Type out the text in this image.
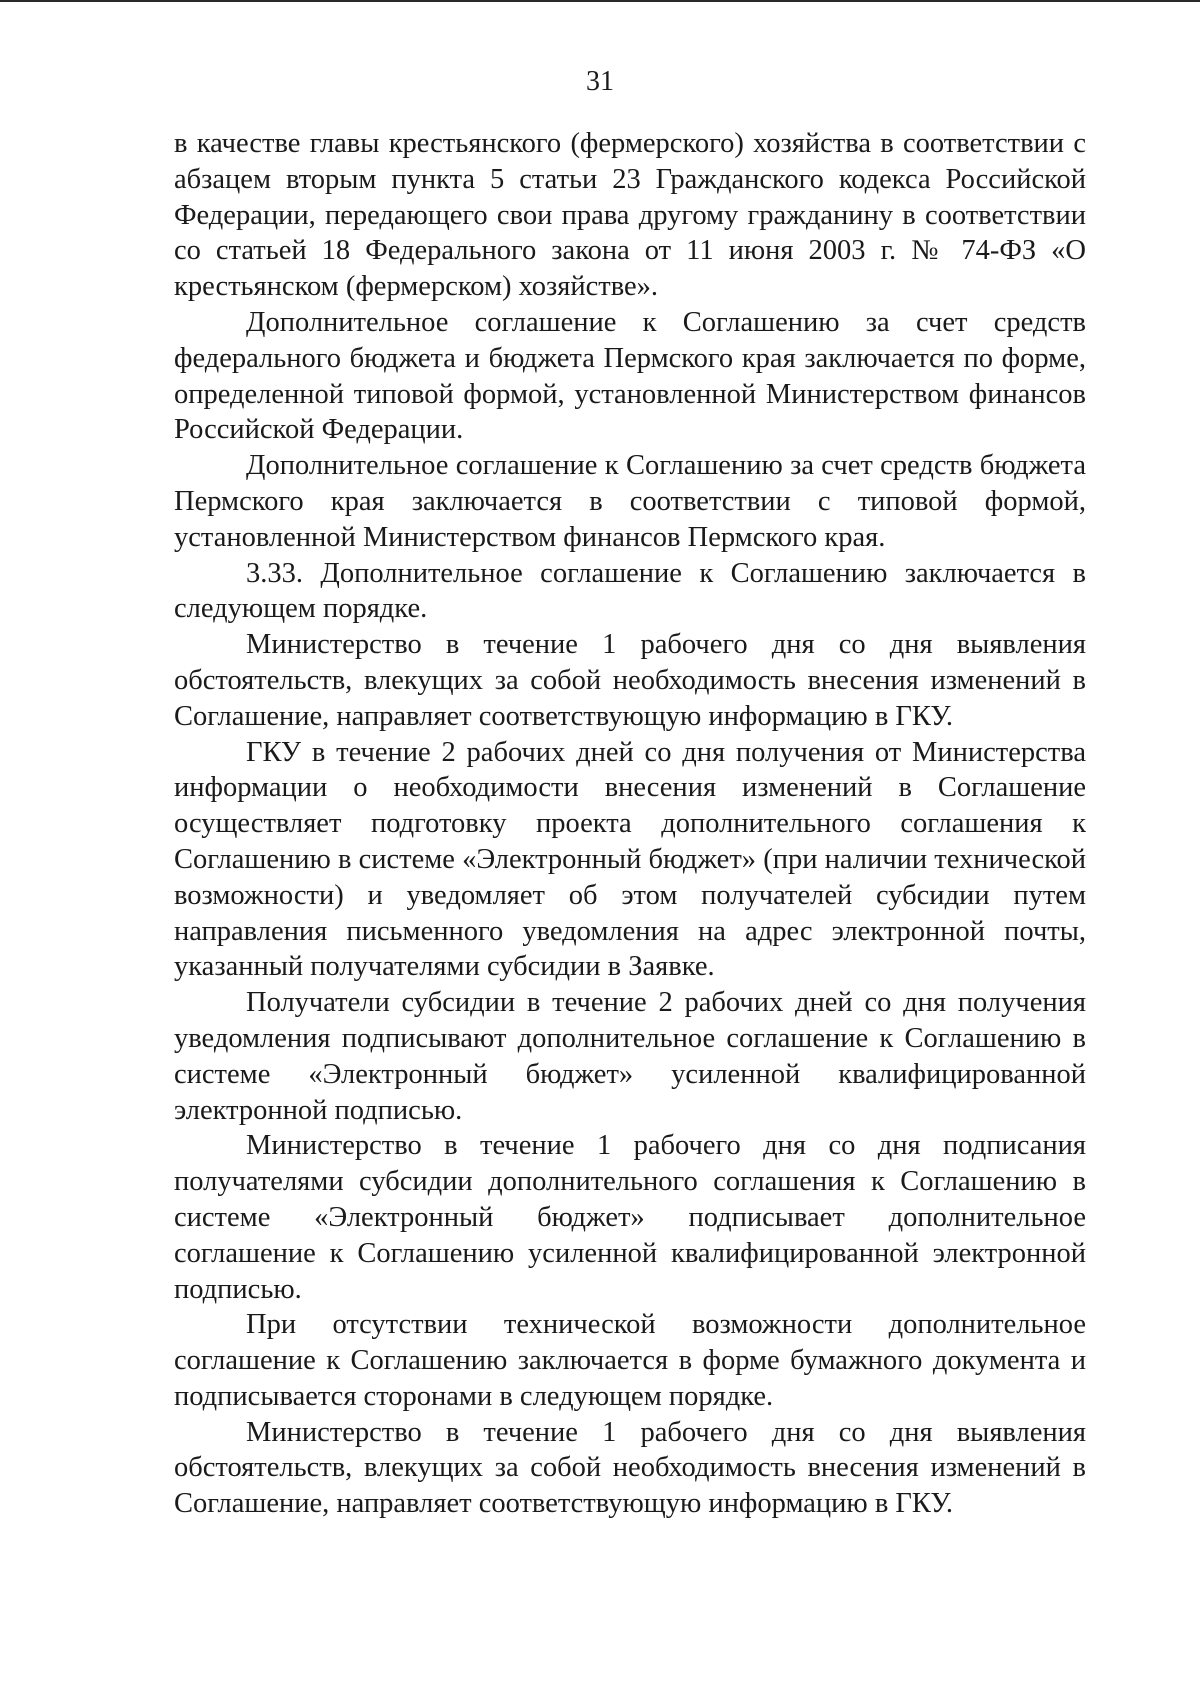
31

в качестве главы крестьянского (фермерского) хозяйства в соответствии с абзацем вторым пункта 5 статьи 23 Гражданского кодекса Российской Федерации, передающего свои права другому гражданину в соответствии со статьей 18 Федерального закона от 11 июня 2003 г. № 74-ФЗ «О крестьянском (фермерском) хозяйстве».

Дополнительное соглашение к Соглашению за счет средств федерального бюджета и бюджета Пермского края заключается по форме, определенной типовой формой, установленной Министерством финансов Российской Федерации.

Дополнительное соглашение к Соглашению за счет средств бюджета Пермского края заключается в соответствии с типовой формой, установленной Министерством финансов Пермского края.

3.33. Дополнительное соглашение к Соглашению заключается в следующем порядке.

Министерство в течение 1 рабочего дня со дня выявления обстоятельств, влекущих за собой необходимость внесения изменений в Соглашение, направляет соответствующую информацию в ГКУ.

ГКУ в течение 2 рабочих дней со дня получения от Министерства информации о необходимости внесения изменений в Соглашение осуществляет подготовку проекта дополнительного соглашения к Соглашению в системе «Электронный бюджет» (при наличии технической возможности) и уведомляет об этом получателей субсидии путем направления письменного уведомления на адрес электронной почты, указанный получателями субсидии в Заявке.

Получатели субсидии в течение 2 рабочих дней со дня получения уведомления подписывают дополнительное соглашение к Соглашению в системе «Электронный бюджет» усиленной квалифицированной электронной подписью.

Министерство в течение 1 рабочего дня со дня подписания получателями субсидии дополнительного соглашения к Соглашению в системе «Электронный бюджет» подписывает дополнительное соглашение к Соглашению усиленной квалифицированной электронной подписью.

При отсутствии технической возможности дополнительное соглашение к Соглашению заключается в форме бумажного документа и подписывается сторонами в следующем порядке.

Министерство в течение 1 рабочего дня со дня выявления обстоятельств, влекущих за собой необходимость внесения изменений в Соглашение, направляет соответствующую информацию в ГКУ.
